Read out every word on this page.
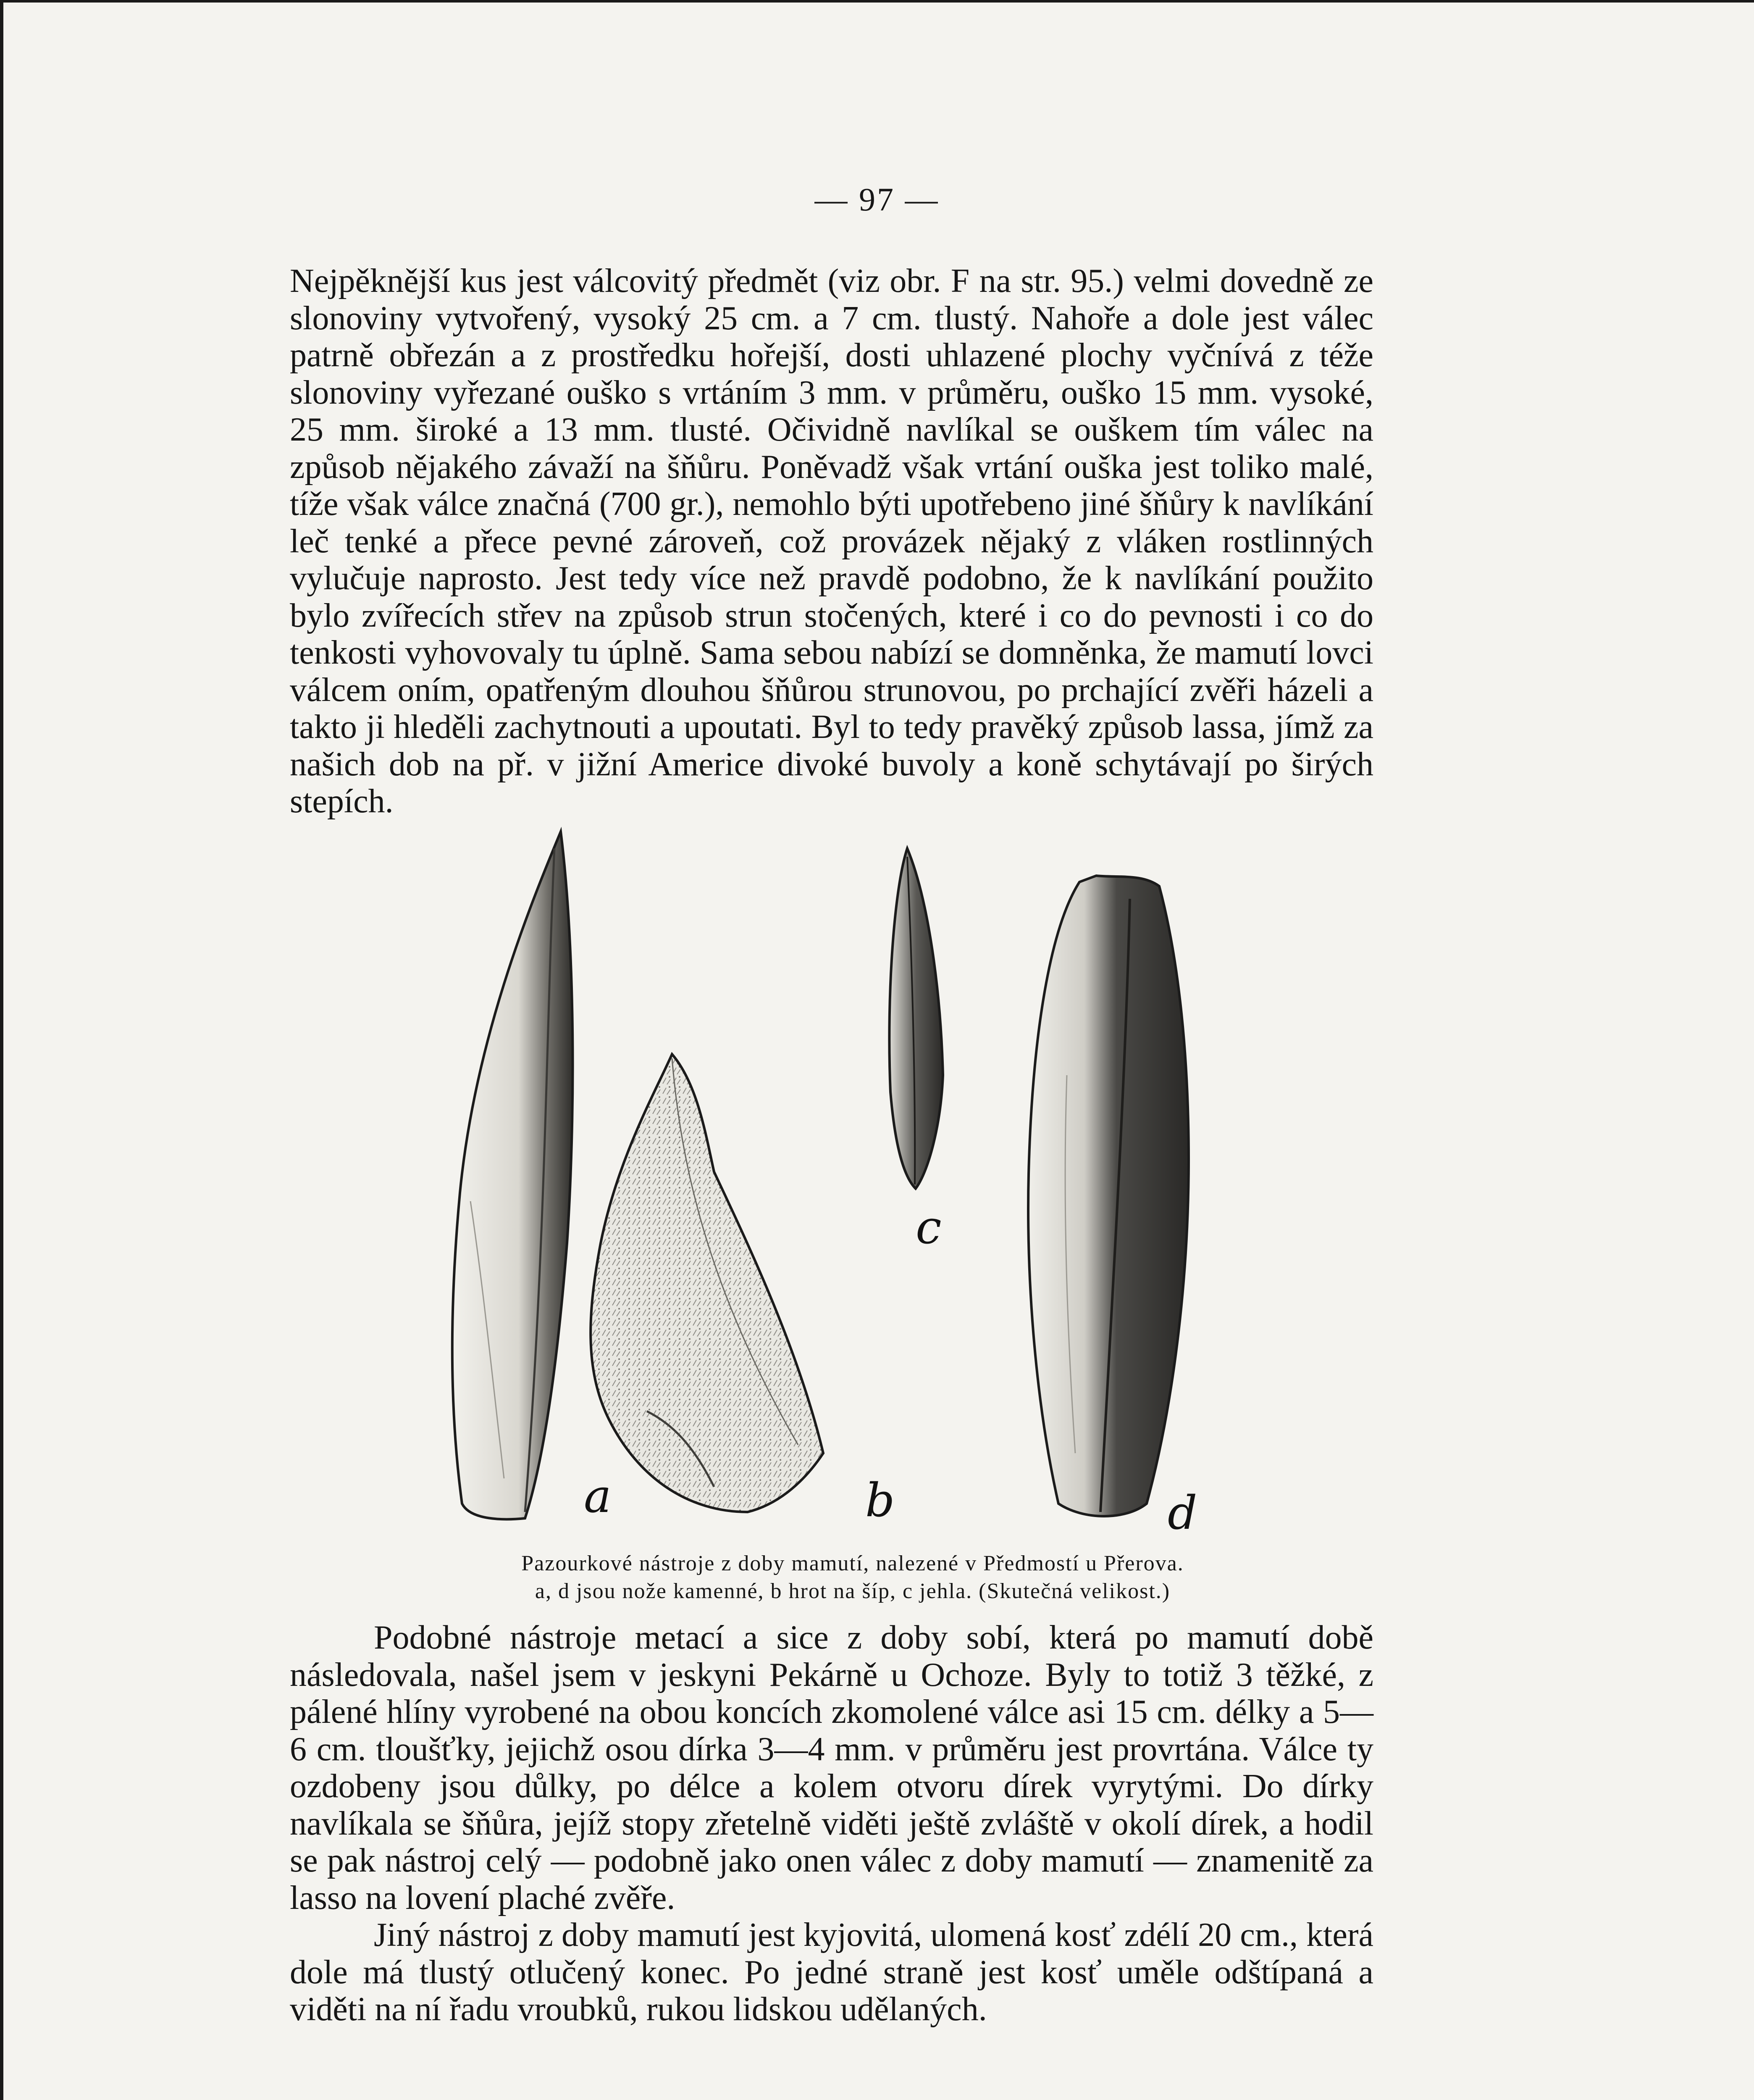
— 97 —

Nejpěknější kus jest válcovitý předmět (viz obr. F na str. 95.) velmi dovedně ze slonoviny vytvořený, vysoký 25 cm. a 7 cm. tlustý. Nahoře a dole jest válec patrně obřezán a z prostředku hořejší, dosti uhlazené plochy vyčnívá z téže slonoviny vyřezané ouško s vrtáním 3 mm. v průměru, ouško 15 mm. vysoké, 25 mm. široké a 13 mm. tlusté. Očividně navlíkal se ouškem tím válec na způsob nějakého závaží na šňůru. Poněvadž však vrtání ouška jest toliko malé, tíže však válce značná (700 gr.), nemohlo býti upotřebeno jiné šňůry k navlíkání leč tenké a přece pevné zároveň, což provázek nějaký z vláken rostlinných vylučuje naprosto. Jest tedy více než pravdě podobno, že k navlíkání použito bylo zvířecích střev na způsob strun stočených, které i co do pevnosti i co do tenkosti vyhovovaly tu úplně. Sama sebou nabízí se domněnka, že mamutí lovci válcem oním, opatřeným dlouhou šňůrou strunovou, po prchající zvěři házeli a takto ji hleděli zachytnouti a upoutati. Byl to tedy pravěký způsob lassa, jímž za našich dob na př. v jižní Americe divoké buvoly a koně schytávají po širých stepích.

a	b
c
d

Pazourkové nástroje z doby mamutí, nalezené v Předmostí u Přerova.

a, d jsou nože kamenné, b hrot na šíp, c jehla. (Skutečná velikost.)

Podobné nástroje metací a sice z doby sobí, která po mamutí době následovala, našel jsem v jeskyni Pekárně u Ochoze. Byly to totiž 3 těžké, z pálené hlíny vyrobené na obou koncích zkomolené válce asi 15 cm. délky a 5—6 cm. tloušťky, jejichž osou dírka 3—4 mm. v průměru jest provrtána. Válce ty ozdobeny jsou důlky, po délce a kolem otvoru dírek vyrytými. Do dírky navlíkala se šňůra, jejíž stopy zřetelně viděti ještě zvláště v okolí dírek, a hodil se pak nástroj celý — podobně jako onen válec z doby mamutí — znamenitě za lasso na lovení plaché zvěře.

Jiný nástroj z doby mamutí jest kyjovitá, ulomená kosť zdélí 20 cm., která dole má tlustý otlučený konec. Po jedné straně jest kosť uměle odštípaná a viděti na ní řadu vroubků, rukou lidskou udělaných.
